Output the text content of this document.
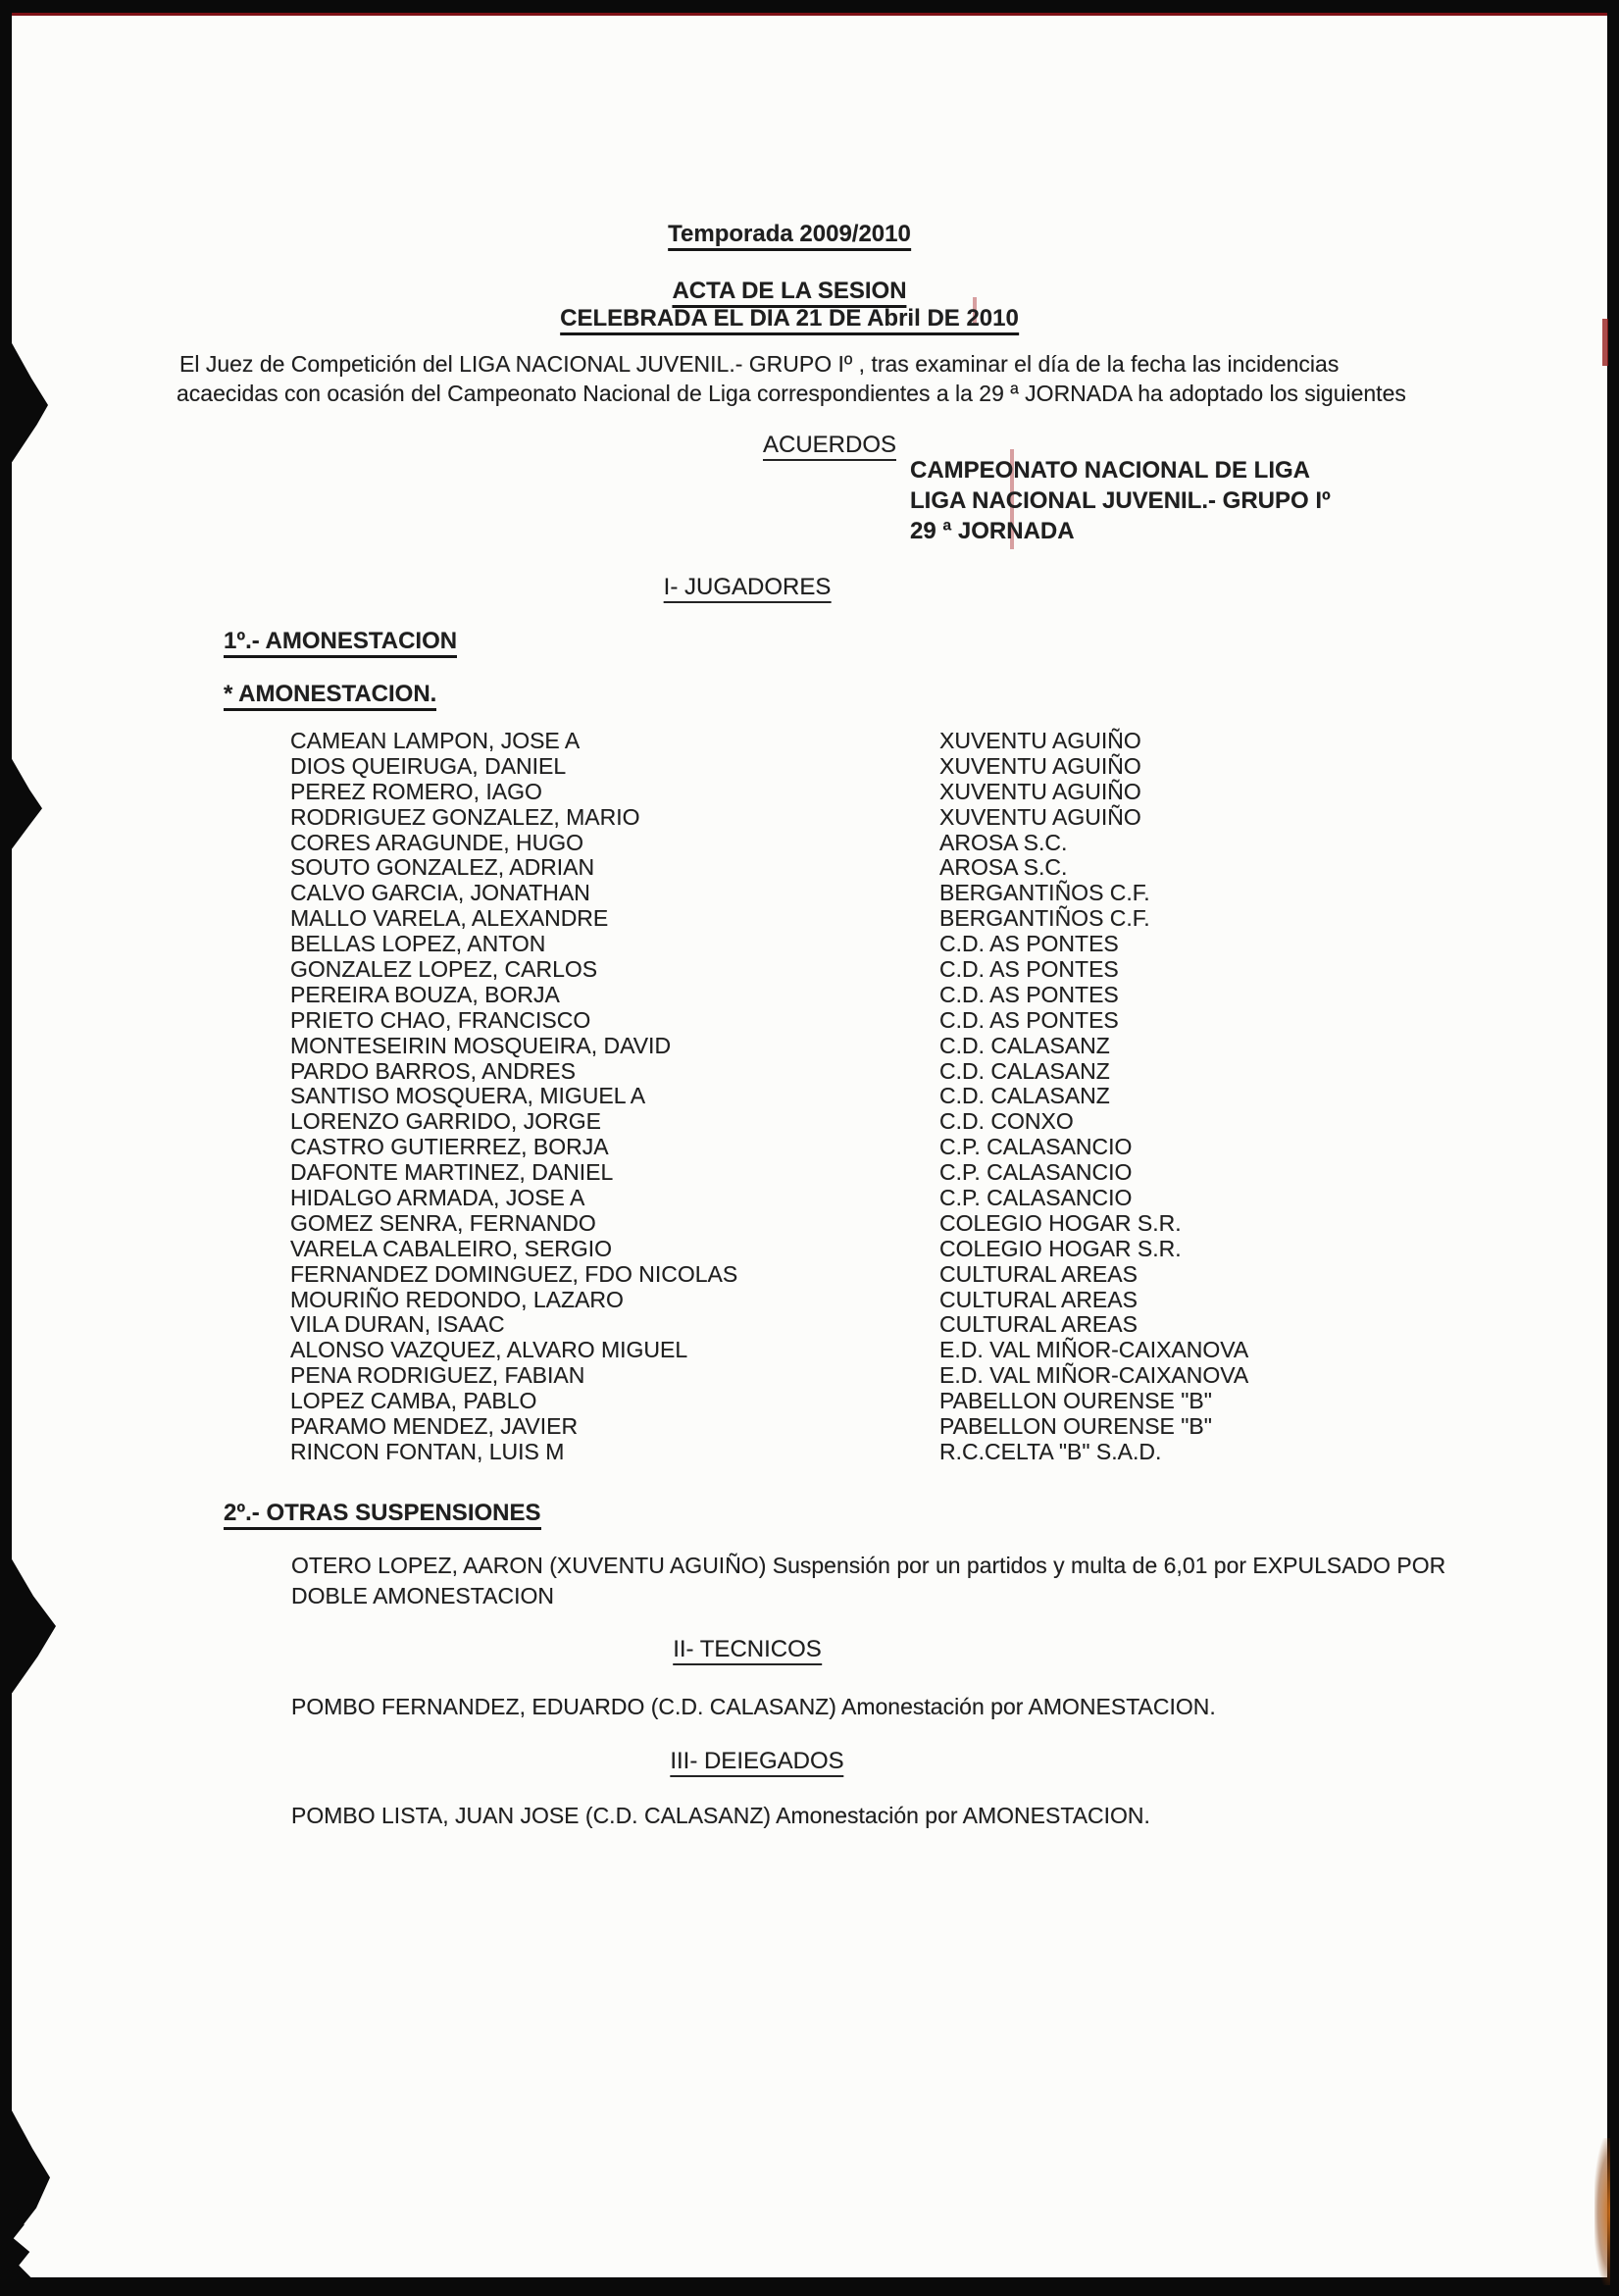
Temporada 2009/2010
ACTA DE LA SESION
CELEBRADA EL DIA 21 DE Abril DE 2010
El Juez de Competición del LIGA NACIONAL JUVENIL.- GRUPO Iº , tras examinar el día de la fecha las incidencias
acaecidas con ocasión del Campeonato Nacional de Liga correspondientes a la 29 ª JORNADA ha adoptado los siguientes
ACUERDOS
CAMPEONATO NACIONAL DE LIGA
LIGA NACIONAL JUVENIL.- GRUPO Iº
29 ª JORNADA
I- JUGADORES
1º.- AMONESTACION
* AMONESTACION.
CAMEAN LAMPON, JOSE A	XUVENTU AGUIÑO
DIOS QUEIRUGA, DANIEL	XUVENTU AGUIÑO
PEREZ ROMERO, IAGO	XUVENTU AGUIÑO
RODRIGUEZ GONZALEZ, MARIO	XUVENTU AGUIÑO
CORES ARAGUNDE, HUGO	AROSA S.C.
SOUTO GONZALEZ, ADRIAN	AROSA S.C.
CALVO GARCIA, JONATHAN	BERGANTIÑOS C.F.
MALLO VARELA, ALEXANDRE	BERGANTIÑOS C.F.
BELLAS LOPEZ, ANTON	C.D. AS PONTES
GONZALEZ LOPEZ, CARLOS	C.D. AS PONTES
PEREIRA BOUZA, BORJA	C.D. AS PONTES
PRIETO CHAO, FRANCISCO	C.D. AS PONTES
MONTESEIRIN MOSQUEIRA, DAVID	C.D. CALASANZ
PARDO BARROS, ANDRES	C.D. CALASANZ
SANTISO MOSQUERA, MIGUEL A	C.D. CALASANZ
LORENZO GARRIDO, JORGE	C.D. CONXO
CASTRO GUTIERREZ, BORJA	C.P. CALASANCIO
DAFONTE MARTINEZ, DANIEL	C.P. CALASANCIO
HIDALGO ARMADA, JOSE A	C.P. CALASANCIO
GOMEZ SENRA, FERNANDO	COLEGIO HOGAR S.R.
VARELA CABALEIRO, SERGIO	COLEGIO HOGAR S.R.
FERNANDEZ DOMINGUEZ, FDO NICOLAS	CULTURAL AREAS
MOURIÑO REDONDO, LAZARO	CULTURAL AREAS
VILA DURAN, ISAAC	CULTURAL AREAS
ALONSO VAZQUEZ, ALVARO MIGUEL	E.D. VAL MIÑOR-CAIXANOVA
PENA RODRIGUEZ, FABIAN	E.D. VAL MIÑOR-CAIXANOVA
LOPEZ CAMBA, PABLO	PABELLON OURENSE "B"
PARAMO MENDEZ, JAVIER	PABELLON OURENSE "B"
RINCON FONTAN, LUIS M	R.C.CELTA "B" S.A.D.
2º.- OTRAS SUSPENSIONES
OTERO LOPEZ, AARON (XUVENTU AGUIÑO) Suspensión por un partidos y multa de 6,01 por EXPULSADO POR
DOBLE AMONESTACION
II- TECNICOS
POMBO FERNANDEZ, EDUARDO (C.D. CALASANZ) Amonestación por AMONESTACION.
III- DEIEGADOS
POMBO LISTA, JUAN JOSE (C.D. CALASANZ) Amonestación por AMONESTACION.
